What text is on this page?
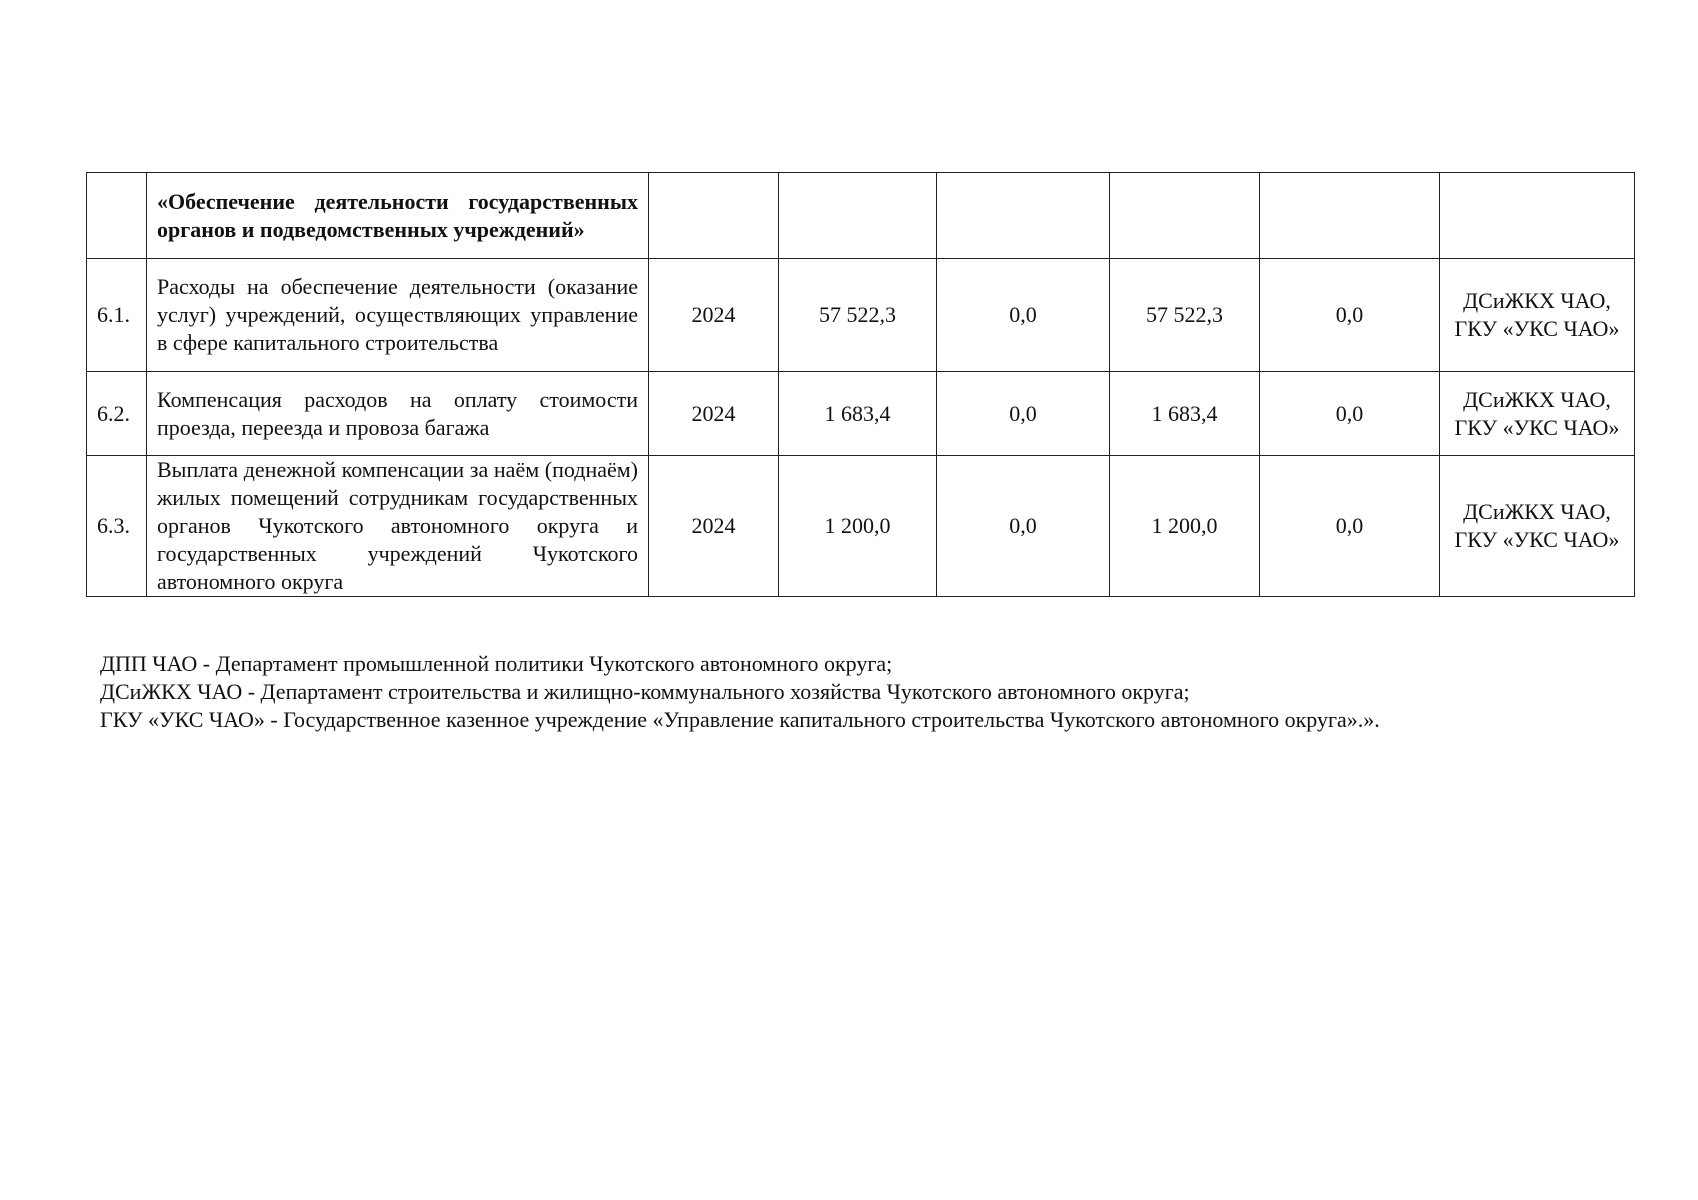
	«Обеспечение деятельности государственных органов и подведомственных учреждений»						
6.1.	Расходы на обеспечение деятельности (оказание услуг) учреждений, осуществляющих управление в сфере капитального строительства	2024	57 522,3	0,0	57 522,3	0,0	ДСиЖКХ ЧАО, ГКУ «УКС ЧАО»
6.2.	Компенсация расходов на оплату стоимости проезда, переезда и провоза багажа	2024	1 683,4	0,0	1 683,4	0,0	ДСиЖКХ ЧАО, ГКУ «УКС ЧАО»
6.3.	Выплата денежной компенсации за наём (поднаём) жилых помещений сотрудникам государственных органов Чукотского автономного округа и государственных учреждений Чукотского автономного округа	2024	1 200,0	0,0	1 200,0	0,0	ДСиЖКХ ЧАО, ГКУ «УКС ЧАО»
ДПП ЧАО - Департамент промышленной политики Чукотского автономного округа;
ДСиЖКХ ЧАО - Департамент строительства и жилищно-коммунального хозяйства Чукотского автономного округа;
ГКУ «УКС ЧАО» - Государственное казенное учреждение «Управление капитального строительства Чукотского автономного округа».».
